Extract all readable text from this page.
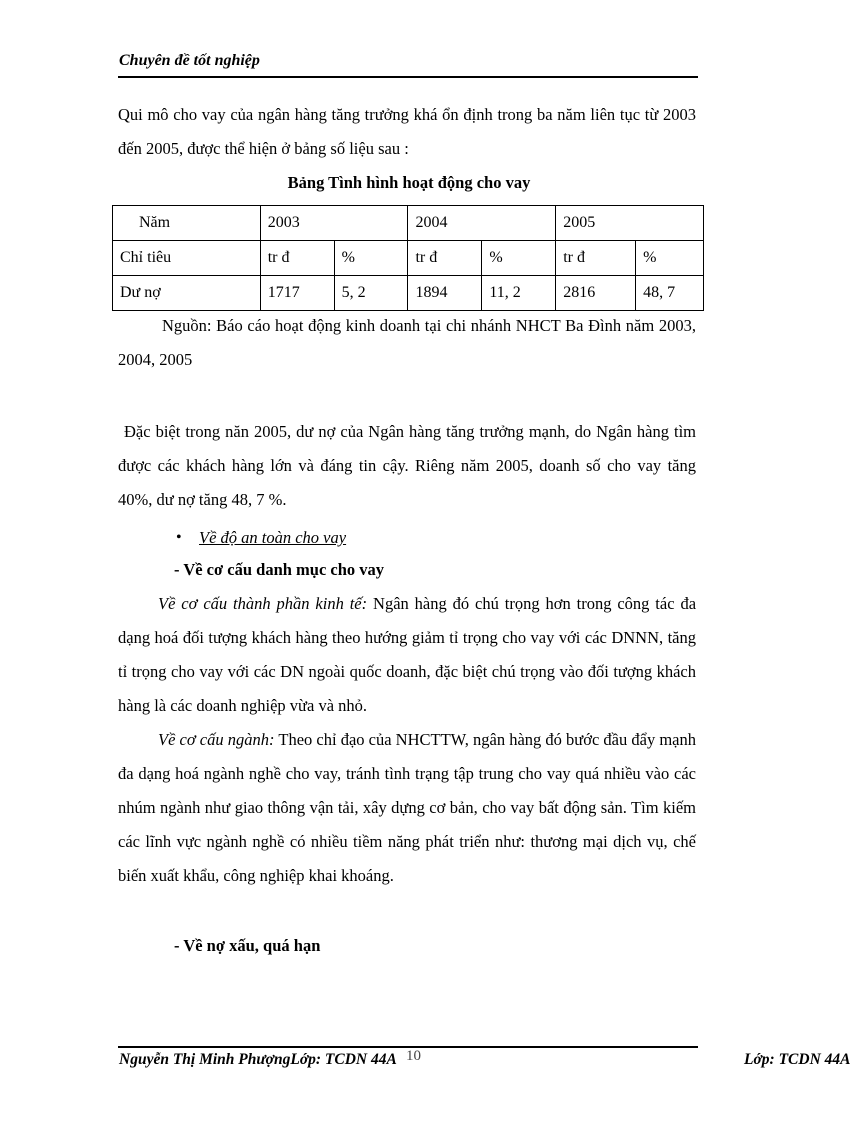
Chuyên đề tốt nghiệp

Qui mô cho vay của ngân hàng tăng trưởng khá ổn định trong ba năm liên tục từ 2003 đến 2005, được thể hiện ở bảng số liệu sau :

Bảng Tình hình hoạt động cho vay
Năm	2003		2004		2005	
Chỉ tiêu	tr đ	%	tr đ	%	tr đ	%
Dư nợ	1717	5, 2	1894	11, 2	2816	48, 7

Nguồn: Báo cáo hoạt động kinh doanh tại chi nhánh NHCT Ba Đình năm 2003, 2004, 2005

Đặc biệt trong năn 2005, dư nợ của Ngân hàng tăng trưởng mạnh, do Ngân hàng tìm được các khách hàng lớn và đáng tin cậy. Riêng năm 2005, doanh số cho vay tăng 40%, dư nợ tăng 48, 7 %.

• Về độ an toàn cho vay
- Về cơ cấu danh mục cho vay

Về cơ cấu thành phần kinh tế: Ngân hàng đó chú trọng hơn trong công tác đa dạng hoá đối tượng khách hàng theo hướng giảm tỉ trọng cho vay với các DNNN, tăng tỉ trọng cho vay với các DN ngoài quốc doanh, đặc biệt chú trọng vào đối tượng khách hàng là các doanh nghiệp vừa và nhỏ.

Về cơ cấu ngành: Theo chỉ đạo của NHCTTW, ngân hàng đó bước đầu đẩy mạnh đa dạng hoá ngành nghề cho vay, tránh tình trạng tập trung cho vay quá nhiều vào các nhúm ngành như giao thông vận tải, xây dựng cơ bản, cho vay bất động sản. Tìm kiếm các lĩnh vực ngành nghề có nhiều tiềm năng phát triển như: thương mại dịch vụ, chế biến xuất khẩu, công nghiệp khai khoáng.

- Về nợ xấu, quá hạn
Nguyễn Thị Minh PhượngLớp: TCDN 44A 10	Lớp: TCDN 44A
